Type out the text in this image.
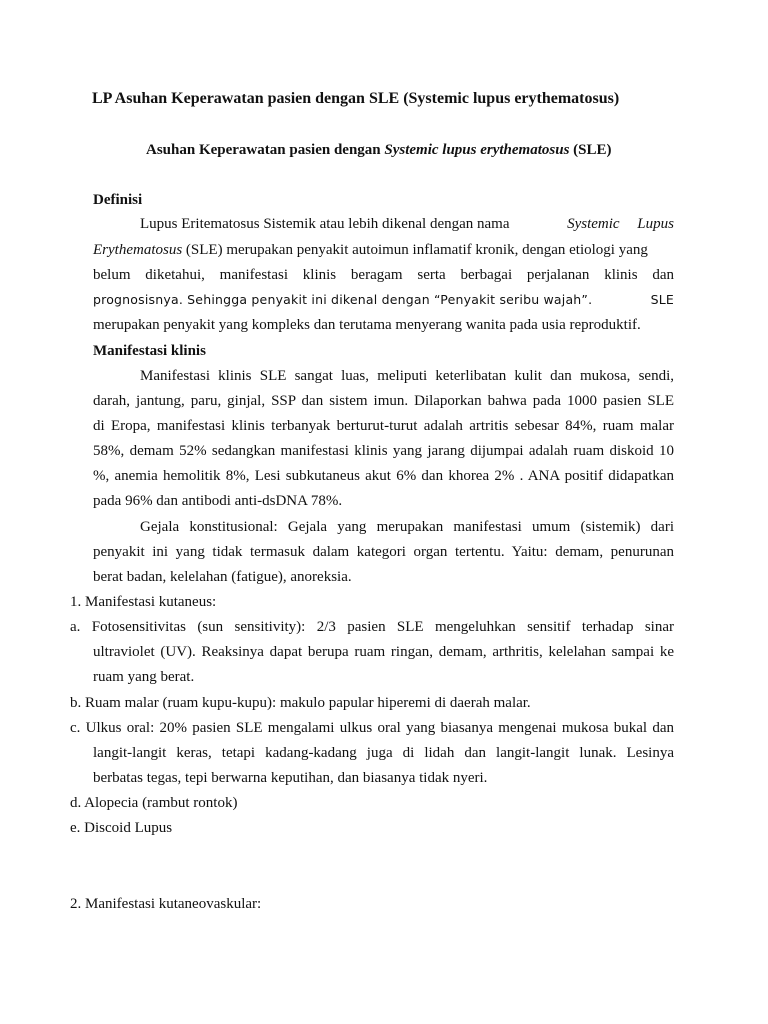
LP Asuhan Keperawatan pasien dengan SLE (Systemic lupus erythematosus)
Asuhan Keperawatan pasien dengan Systemic lupus erythematosus (SLE)
Definisi
Lupus Eritematosus Sistemik atau lebih dikenal dengan nama	Systemic Lupus
Erythematosus (SLE) merupakan penyakit autoimun inflamatif kronik, dengan etiologi yang
belum diketahui, manifestasi klinis beragam serta berbagai perjalanan klinis dan
prognosisnya. Sehingga penyakit ini dikenal dengan “Penyakit seribu wajah”.	SLE
merupakan penyakit yang kompleks dan terutama menyerang wanita pada usia reproduktif.
Manifestasi klinis
Manifestasi klinis SLE sangat luas, meliputi keterlibatan kulit dan mukosa, sendi,
darah, jantung, paru, ginjal, SSP dan sistem imun. Dilaporkan bahwa pada 1000 pasien SLE
di Eropa, manifestasi klinis terbanyak berturut-turut adalah artritis sebesar 84%, ruam malar
58%, demam 52% sedangkan manifestasi klinis yang jarang dijumpai adalah ruam diskoid 10
%, anemia hemolitik 8%, Lesi subkutaneus akut 6% dan khorea 2% . ANA positif didapatkan
pada 96% dan antibodi anti-dsDNA 78%.
Gejala konstitusional: Gejala yang merupakan manifestasi umum (sistemik) dari
penyakit ini yang tidak termasuk dalam kategori organ tertentu. Yaitu: demam, penurunan
berat badan, kelelahan (fatigue), anoreksia.
1. Manifestasi kutaneus:
a. Fotosensitivitas (sun sensitivity): 2/3 pasien SLE mengeluhkan sensitif terhadap sinar
ultraviolet (UV). Reaksinya dapat berupa ruam ringan, demam, arthritis, kelelahan sampai ke
ruam yang berat.
b. Ruam malar (ruam kupu-kupu): makulo papular hiperemi di daerah malar.
c. Ulkus oral: 20% pasien SLE mengalami ulkus oral yang biasanya mengenai mukosa bukal dan
langit-langit keras, tetapi kadang-kadang juga di lidah dan langit-langit lunak. Lesinya
berbatas tegas, tepi berwarna keputihan, dan biasanya tidak nyeri.
d. Alopecia (rambut rontok)
e. Discoid Lupus
2. Manifestasi kutaneovaskular:
